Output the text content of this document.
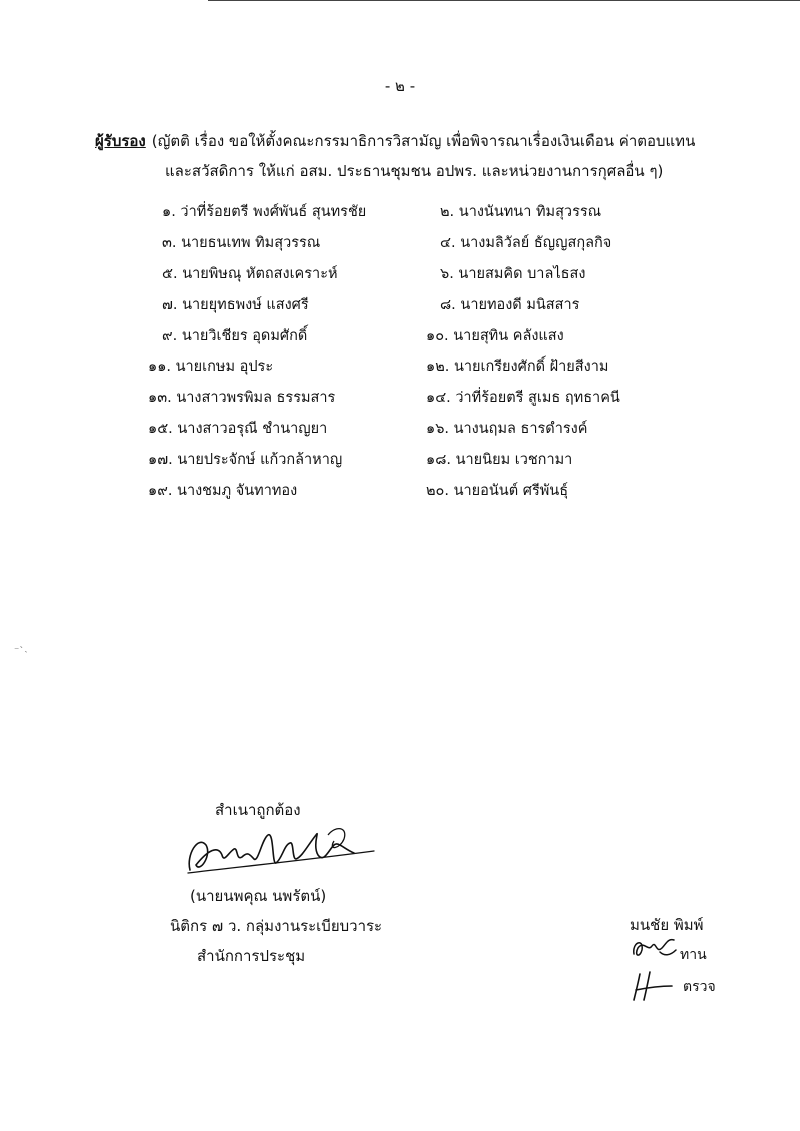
- ๒ -
ผู้รับรอง (ญัตติ เรื่อง ขอให้ตั้งคณะกรรมาธิการวิสามัญ เพื่อพิจารณาเรื่องเงินเดือน ค่าตอบแทน
และสวัสดิการ ให้แก่ อสม. ประธานชุมชน อปพร. และหน่วยงานการกุศลอื่น ๆ)
๑. ว่าที่ร้อยตรี พงศ์พันธ์ สุนทรชัย	๒. นางนันทนา ทิมสุวรรณ
๓. นายธนเทพ ทิมสุวรรณ	๔. นางมลิวัลย์ ธัญญสกุลกิจ
๕. นายพิษณุ หัตถสงเคราะห์	๖. นายสมคิด บาลไธสง
๗. นายยุทธพงษ์ แสงศรี	๘. นายทองดี มนิสสาร
๙. นายวิเชียร อุดมศักดิ์	๑๐. นายสุทิน คลังแสง
๑๑. นายเกษม อุประ	๑๒. นายเกรียงศักดิ์ ฝ้ายสีงาม
๑๓. นางสาวพรพิมล ธรรมสาร	๑๔. ว่าที่ร้อยตรี สูเมธ ฤทธาคนี
๑๕. นางสาวอรุณี ชำนาญยา	๑๖. นางนฤมล ธารดำรงค์
๑๗. นายประจักษ์ แก้วกล้าหาญ	๑๘. นายนิยม เวชกามา
๑๙. นางชมภู จันทาทอง	๒๐. นายอนันต์ ศรีพันธุ์
⁻ˋ˴
สำเนาถูกต้อง
(นายนพคุณ นพรัตน์)
นิติกร ๗ ว. กลุ่มงานระเบียบวาระ
สำนักการประชุม
มนชัย พิมพ์
ทาน
ตรวจ
